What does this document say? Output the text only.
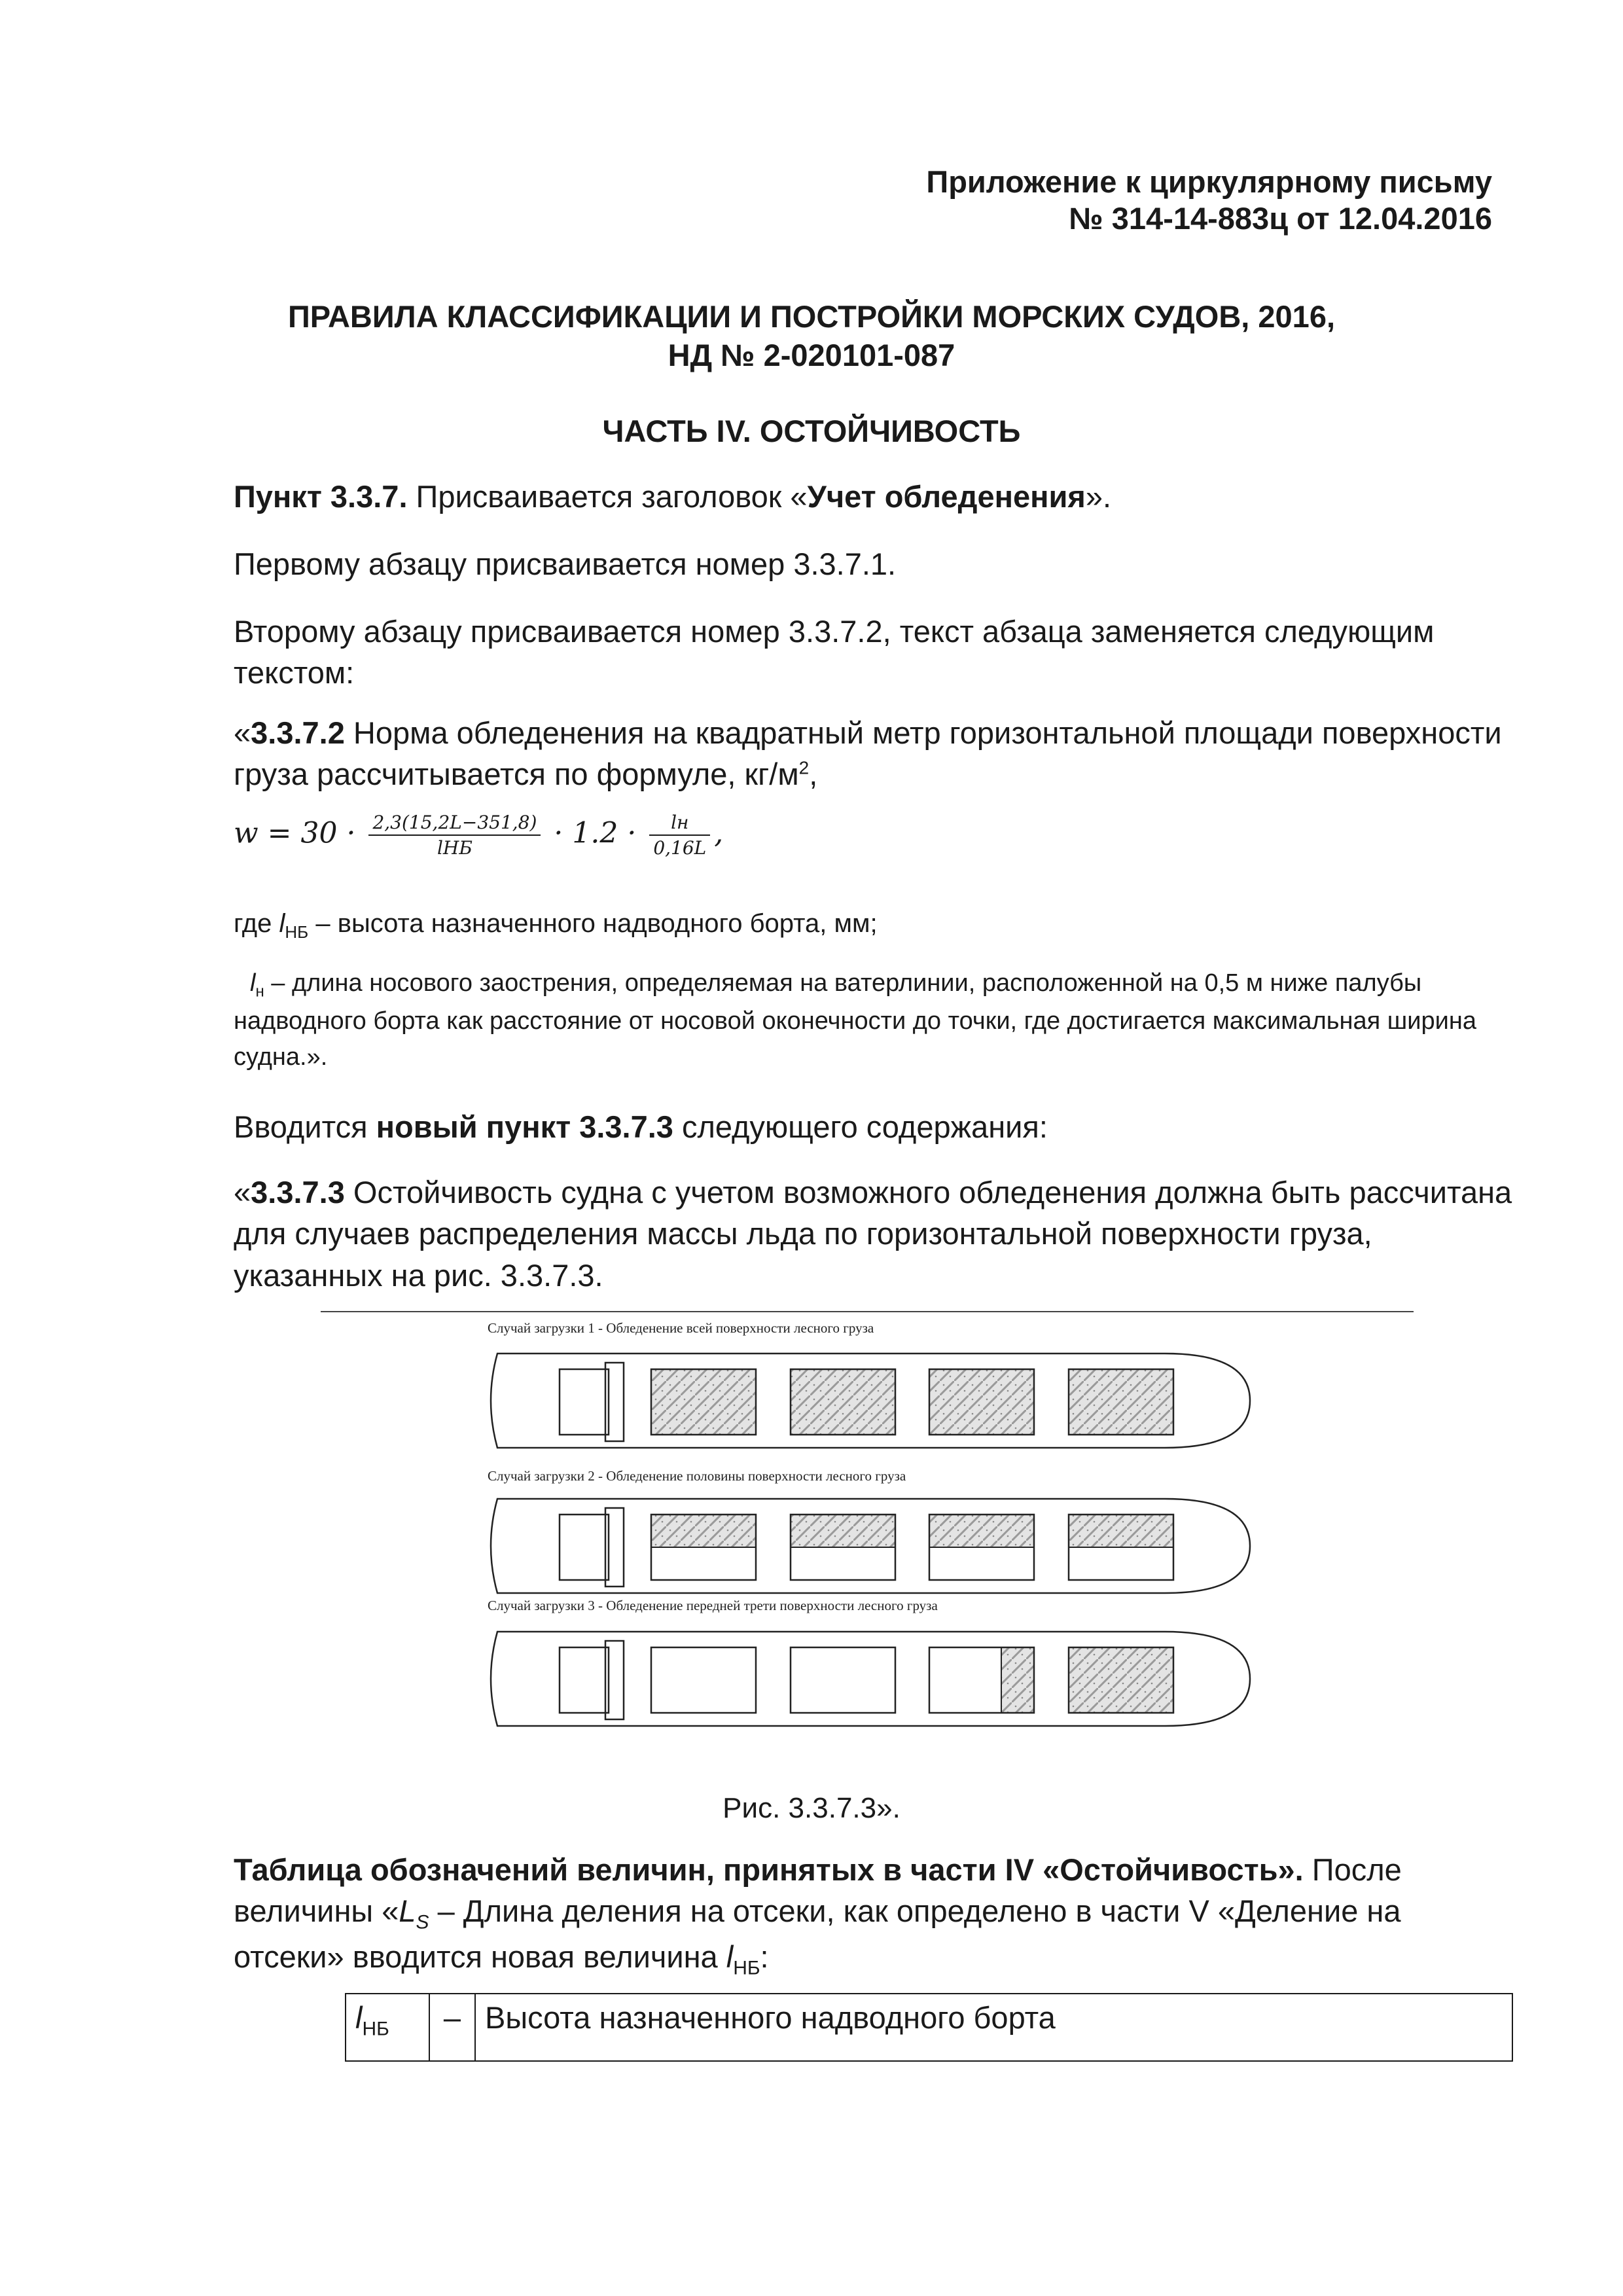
Приложение к циркулярному письму
№ 314-14-883ц от 12.04.2016
ПРАВИЛА КЛАССИФИКАЦИИ И ПОСТРОЙКИ МОРСКИХ СУДОВ, 2016,
НД № 2-020101-087
ЧАСТЬ IV. ОСТОЙЧИВОСТЬ
Пункт 3.3.7. Присваивается заголовок «Учет обледенения».
Первому абзацу присваивается номер 3.3.7.1.
Второму абзацу присваивается номер 3.3.7.2, текст абзаца заменяется следующим текстом:
«3.3.7.2 Норма обледенения на квадратный метр горизонтальной площади поверхности груза рассчитывается по формуле, $кг/м^2$,
$w = 30 \cdot \frac{2,3(15,2L-351,8)}{\text{lНБ}} \cdot 1.2 \cdot \frac{lн}{0,16L}$ ,
где $l_{НБ}$ – высота назначенного надводного борта, мм;
$l_н$ – длина носового заострения, определяемая на ватерлинии, расположенной на 0,5 м ниже палубы надводного борта как расстояние от носовой оконечности до точки, где достигается максимальная ширина судна.».
Вводится новый пункт 3.3.7.3 следующего содержания:
«3.3.7.3 Остойчивость судна с учетом возможного обледенения должна быть рассчитана для случаев распределения массы льда по горизонтальной поверхности груза, указанных на рис. 3.3.7.3.
Случай загрузки 1 - Обледенение всей поверхности лесного груза
Случай загрузки 2 - Обледенение половины поверхности лесного груза
Случай загрузки 3 - Обледенение передней трети поверхности лесного груза
Рис. 3.3.7.3».
Таблица обозначений величин, принятых в части IV «Остойчивость». После величины «$L_S$ – Длина деления на отсеки, как определено в части V «Деление на отсеки» вводится новая величина $l_{НБ}$:
$l_{НБ}$	–	Высота назначенного надводного борта
